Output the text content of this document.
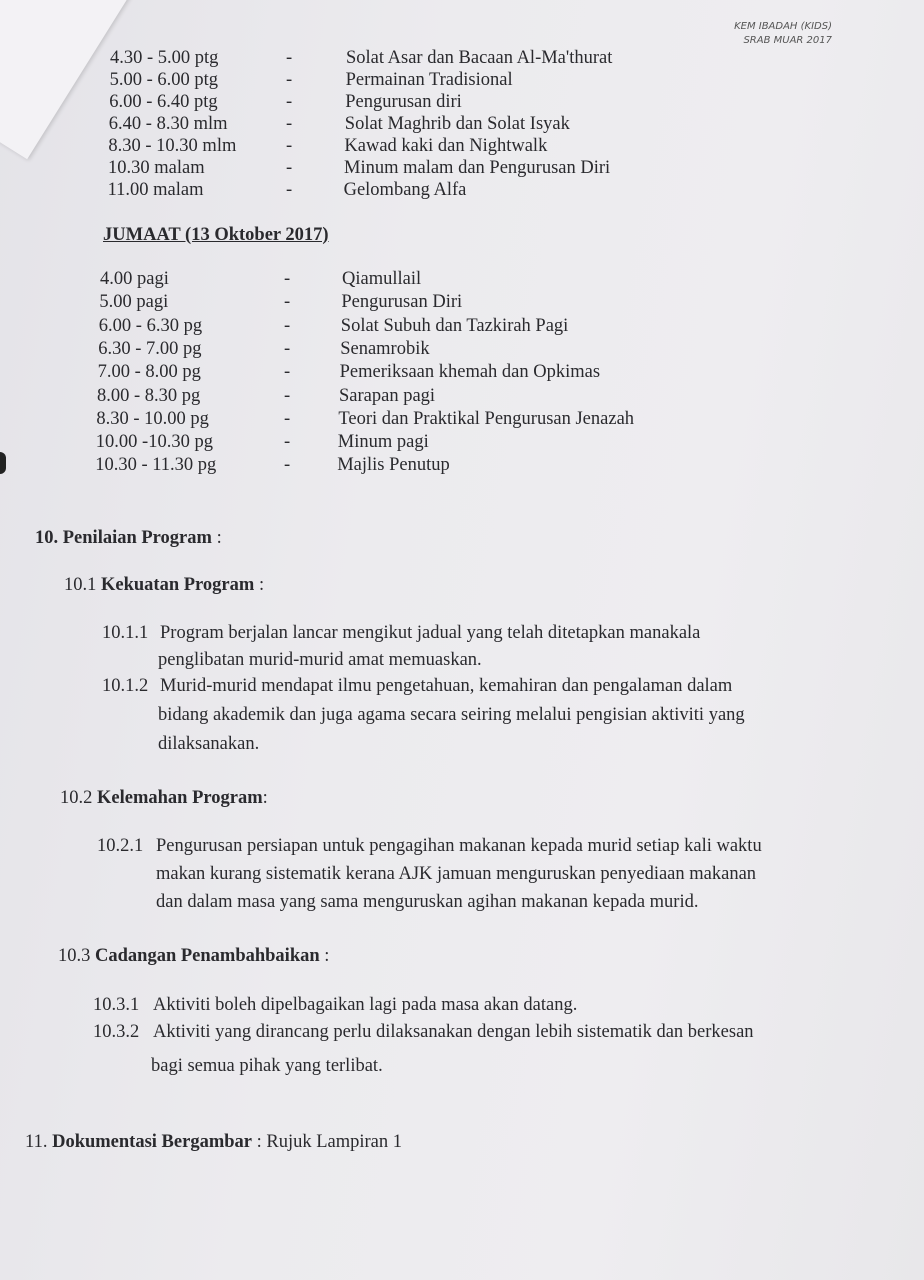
KEM IBADAH (KIDS)
SRAB MUAR 2017
4.30 - 5.00 ptg	-	Solat Asar dan Bacaan Al-Ma'thurat
5.00 - 6.00 ptg	-	Permainan Tradisional
6.00 - 6.40 ptg	-	Pengurusan diri
6.40 - 8.30 mlm	-	Solat Maghrib dan Solat Isyak
8.30 - 10.30 mlm	-	Kawad kaki dan Nightwalk
10.30 malam	-	Minum malam dan Pengurusan Diri
11.00 malam	-	Gelombang Alfa
JUMAAT (13 Oktober 2017)
4.00 pagi	-	Qiamullail
5.00 pagi	-	Pengurusan Diri
6.00 - 6.30 pg	-	Solat Subuh dan Tazkirah Pagi
6.30 - 7.00 pg	-	Senamrobik
7.00 - 8.00 pg	-	Pemeriksaan khemah dan Opkimas
8.00 - 8.30 pg	-	Sarapan pagi
8.30 - 10.00 pg	-	Teori dan Praktikal Pengurusan Jenazah
10.00 -10.30 pg	-	Minum pagi
10.30 - 11.30 pg	-	Majlis Penutup
10. Penilaian Program :
10.1 Kekuatan Program :
10.1.1 Program berjalan lancar mengikut jadual yang telah ditetapkan manakala
penglibatan murid-murid amat memuaskan.
10.1.2 Murid-murid mendapat ilmu pengetahuan, kemahiran dan pengalaman dalam
bidang akademik dan juga agama secara seiring melalui pengisian aktiviti yang
dilaksanakan.
10.2 Kelemahan Program:
10.2.1 Pengurusan persiapan untuk pengagihan makanan kepada murid setiap kali waktu
makan kurang sistematik kerana AJK jamuan menguruskan penyediaan makanan
dan dalam masa yang sama menguruskan agihan makanan kepada murid.
10.3 Cadangan Penambahbaikan :
10.3.1 Aktiviti boleh dipelbagaikan lagi pada masa akan datang.
10.3.2 Aktiviti yang dirancang perlu dilaksanakan dengan lebih sistematik dan berkesan
bagi semua pihak yang terlibat.
11. Dokumentasi Bergambar : Rujuk Lampiran 1
